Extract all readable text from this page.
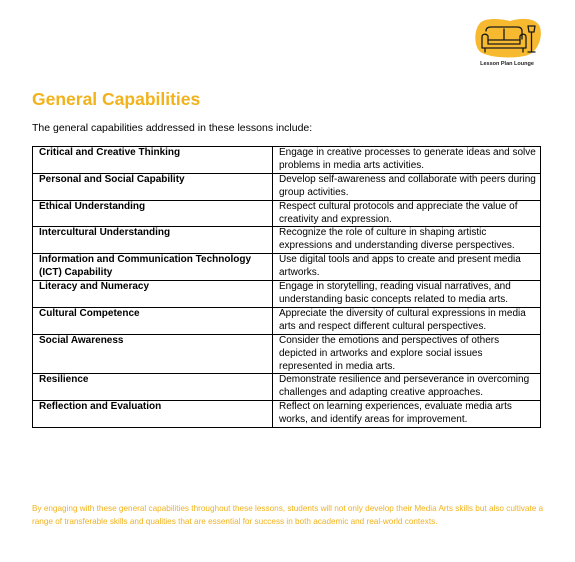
Lesson Plan Lounge
General Capabilities

The general capabilities addressed in these lessons include:

Critical and Creative Thinking	Engage in creative processes to generate ideas and solve problems in media arts activities.
Personal and Social Capability	Develop self-awareness and collaborate with peers during group activities.
Ethical Understanding	Respect cultural protocols and appreciate the value of creativity and expression.
Intercultural Understanding	Recognize the role of culture in shaping artistic expressions and understanding diverse perspectives.
Information and Communication Technology (ICT) Capability	Use digital tools and apps to create and present media artworks.
Literacy and Numeracy	Engage in storytelling, reading visual narratives, and understanding basic concepts related to media arts.
Cultural Competence	Appreciate the diversity of cultural expressions in media arts and respect different cultural perspectives.
Social Awareness	Consider the emotions and perspectives of others depicted in artworks and explore social issues represented in media arts.
Resilience	Demonstrate resilience and perseverance in overcoming challenges and adapting creative approaches.
Reflection and Evaluation	Reflect on learning experiences, evaluate media arts works, and identify areas for improvement.

By engaging with these general capabilities throughout these lessons, students will not only develop their Media Arts skills but also cultivate a range of transferable skills and qualities that are essential for success in both academic and real-world contexts.
